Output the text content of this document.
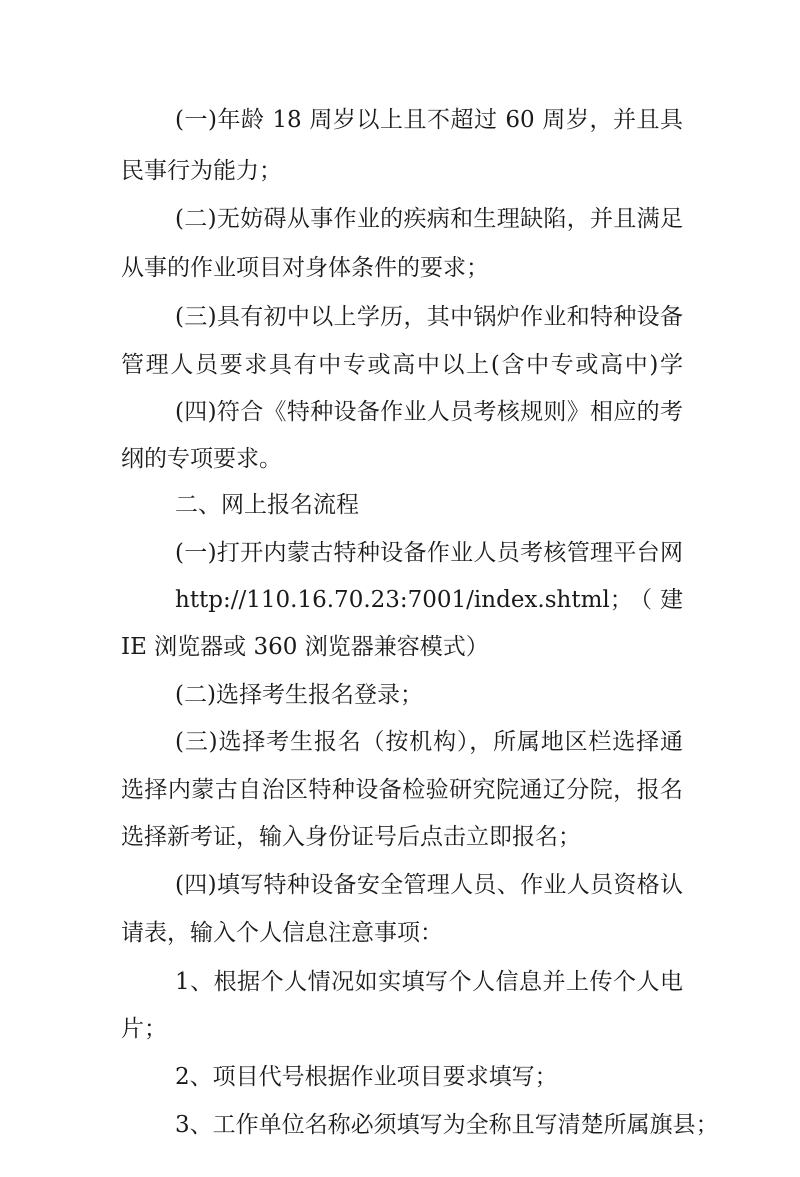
(一)年龄 18 周岁以上且不超过 60 周岁，并且具
民事行为能力；
(二)无妨碍从事作业的疾病和生理缺陷，并且满足
从事的作业项目对身体条件的要求；
(三)具有初中以上学历，其中锅炉作业和特种设备
管理人员要求具有中专或高中以上(含中专或高中)学
(四)符合《特种设备作业人员考核规则》相应的考
纲的专项要求。
二、网上报名流程
(一)打开内蒙古特种设备作业人员考核管理平台网
http://110.16.70.23:7001/index.shtml；（建
IE 浏览器或 360 浏览器兼容模式）
(二)选择考生报名登录；
(三)选择考生报名（按机构），所属地区栏选择通
选择内蒙古自治区特种设备检验研究院通辽分院，报名
选择新考证，输入身份证号后点击立即报名；
(四)填写特种设备安全管理人员、作业人员资格认
请表，输入个人信息注意事项：
1、根据个人情况如实填写个人信息并上传个人电
片；
2、项目代号根据作业项目要求填写；
3、工作单位名称必须填写为全称且写清楚所属旗县；
